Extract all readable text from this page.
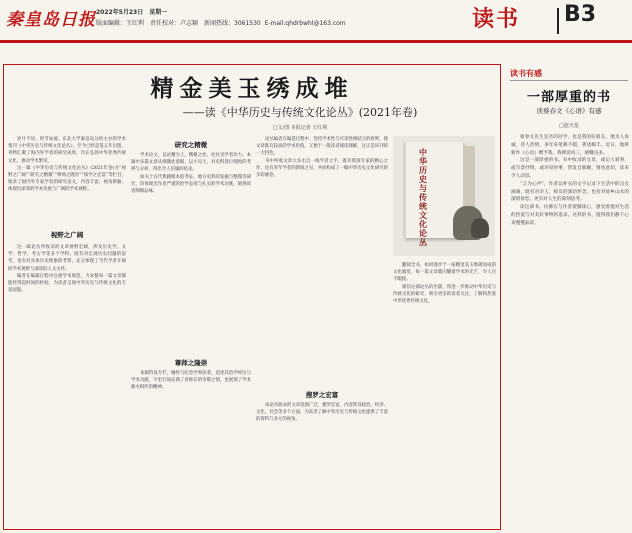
秦皇岛日报 2022年5月23日　星期一
版面编辑：王红利　责任校对：卢志颖　新闻热线：3061530 E-mail:qhdrbwhl@163.com	读书 B3
精金美玉绣成堆
——读《中华历史与传统文化论丛》(2021年卷)
□文/图 本报记者 王红利

岁月不居，时节如流。东北大学秦皇岛分校主办的学术集刊《中华历史与传统文化论丛》，至今已经是第五年出版，刊物汇聚了海内外学者的研究成果，旨在弘扬中华优秀传统文化，推动学术繁荣。

这一辑《中华历史与传统文化论丛》(2021年卷)分“视野之广阔”“研究之精微”“尊师之隆崇”“探学之宏富”等栏目，收录了国内外专家学者的研究论文，内容丰富，视角新颖，体现出深厚的学术功底与广阔的学术视野。

视野之广阔

这一辑论丛所收录的文章视野宏阔，涉及历史学、文学、哲学、考古学等多个学科，既有对宏观历史问题的思考，也有对具体历史现象的考察，充分体现了当代学者开阔的学术视野与深厚的人文关怀。

编者在编辑过程中注重学术规范，力求使每一篇文章都能经得起时间的检验，为读者呈现中华历史与传统文化的丰富面貌。

研究之精微

学术论文，以论精为上。精微之处，往往见学者功力。本辑中多篇文章从细微处着眼，以小见大，对史料进行细致的考辨与分析，得出令人信服的结论。

如关于古代典籍版本的考证、地方史料的发掘与整理等研究，均体现出作者严谨的治学态度与扎实的学术功底，值得读者细细品味。

尊师之隆崇

本辑特设专栏，缅怀与纪念学界前辈，追述其治学经历与学术贡献，字里行间充满了对师长的崇敬之情，也展现了学术薪火相传的精神。

论丛编者在编选过程中，坚持学术性与可读性相结合的原则，使文章既有较高的学术价值，又便于一般读者阅读理解，这正是该刊的一大特色。

书中所收文章大多出自一线学者之手，既有资深专家的精心之作，也有青年学者的新锐之见，共同构成了一幅中华历史文化研究的多彩画卷。

搜罗之宏富

该论丛收录的文章范围广泛，搜罗宏富，内容涉及政治、经济、文化、社会等多个方面，为读者了解中华历史与传统文化提供了丰富的资料与多元的视角。

中华历史与传统文化论丛

翻阅全书，如同漫步于一座精金美玉堆砌而成的文化殿堂，每一篇文章都闪耀着学术的光芒，令人目不暇接。

相信这部论丛的出版，将进一步推动中华历史与传统文化的研究，吸引更多的读者关注、了解和热爱中华优秀传统文化。

读书有感
一部厚重的书
读蔡春文《心语》有感
□赵天星

蔡春文先生是吾的同学，也是我的好朋友。他为人真诚，待人热情，多年来笔耕不辍，著述颇丰。近日，他将新作《心语》赠予我，我捧读再三，感慨良多。

这是一部厚重的书。书中收录的文章，或记人叙事，或写景抒情，或评说时事，皆发自肺腑，情真意切，读来令人动容。

“言为心声”，作者以朴实的文字记录下生活中的点点滴滴，既有对亲人、师友的深切怀念，也有对故乡山水的深情眷恋，更有对人生的深刻思考。

读这部书，仿佛在与作者促膝谈心，感受着他对生活的热爱与对美好事物的追求。这样的书，值得我们静下心来慢慢品读。
